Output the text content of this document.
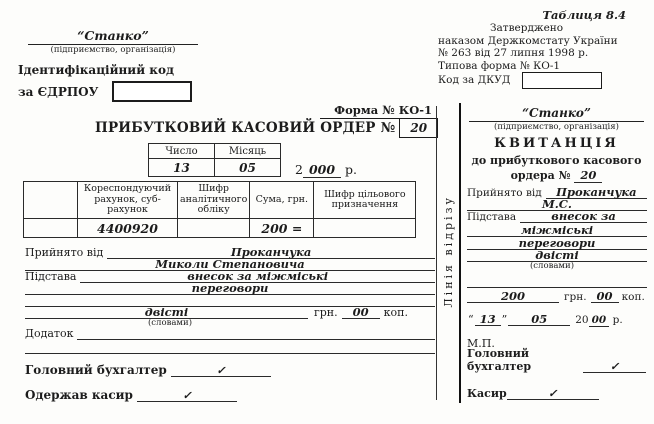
Таблиця 8.4
“Станко”
(підприємство, організація)
Ідентифікаційний код
за ЄДРПОУ
Затверджено
наказом Держкомстату України
№ 263 від 27 липня 1998 р.
Типова форма № КО-1
Код за ДКУД
Форма № КО-1
ПРИБУТКОВИЙ КАСОВИЙ ОРДЕР № 20
Число	Місяць
13	05	2 000 р.
	Кореспондуючий рахунок, суб-рахунок	Шифр аналітичного обліку	Сума, грн.	Шифр цільового призначення
	4400920		200 =	
Прийнято від	Проканчука
Миколи Степановича
Підстава	внесок за міжміські
переговори
двісті	грн.	00	коп.
(словами)
Додаток
Головний бухгалтер
	✓
Одержав касир
	✓
Лінія відрізу
“Станко”
(підприємство, організація)
КВИТАНЦІЯ
до прибуткового касового
ордера № 20
Прийнято від	Проканчука
М.С.
Підстава	внесок за
міжміські
переговори
двісті
(словами)
200	грн. 00 коп.
“ 13 ”	05	20 00 р.
М.П.
Головний бухгалтер	✓
Касир	✓
